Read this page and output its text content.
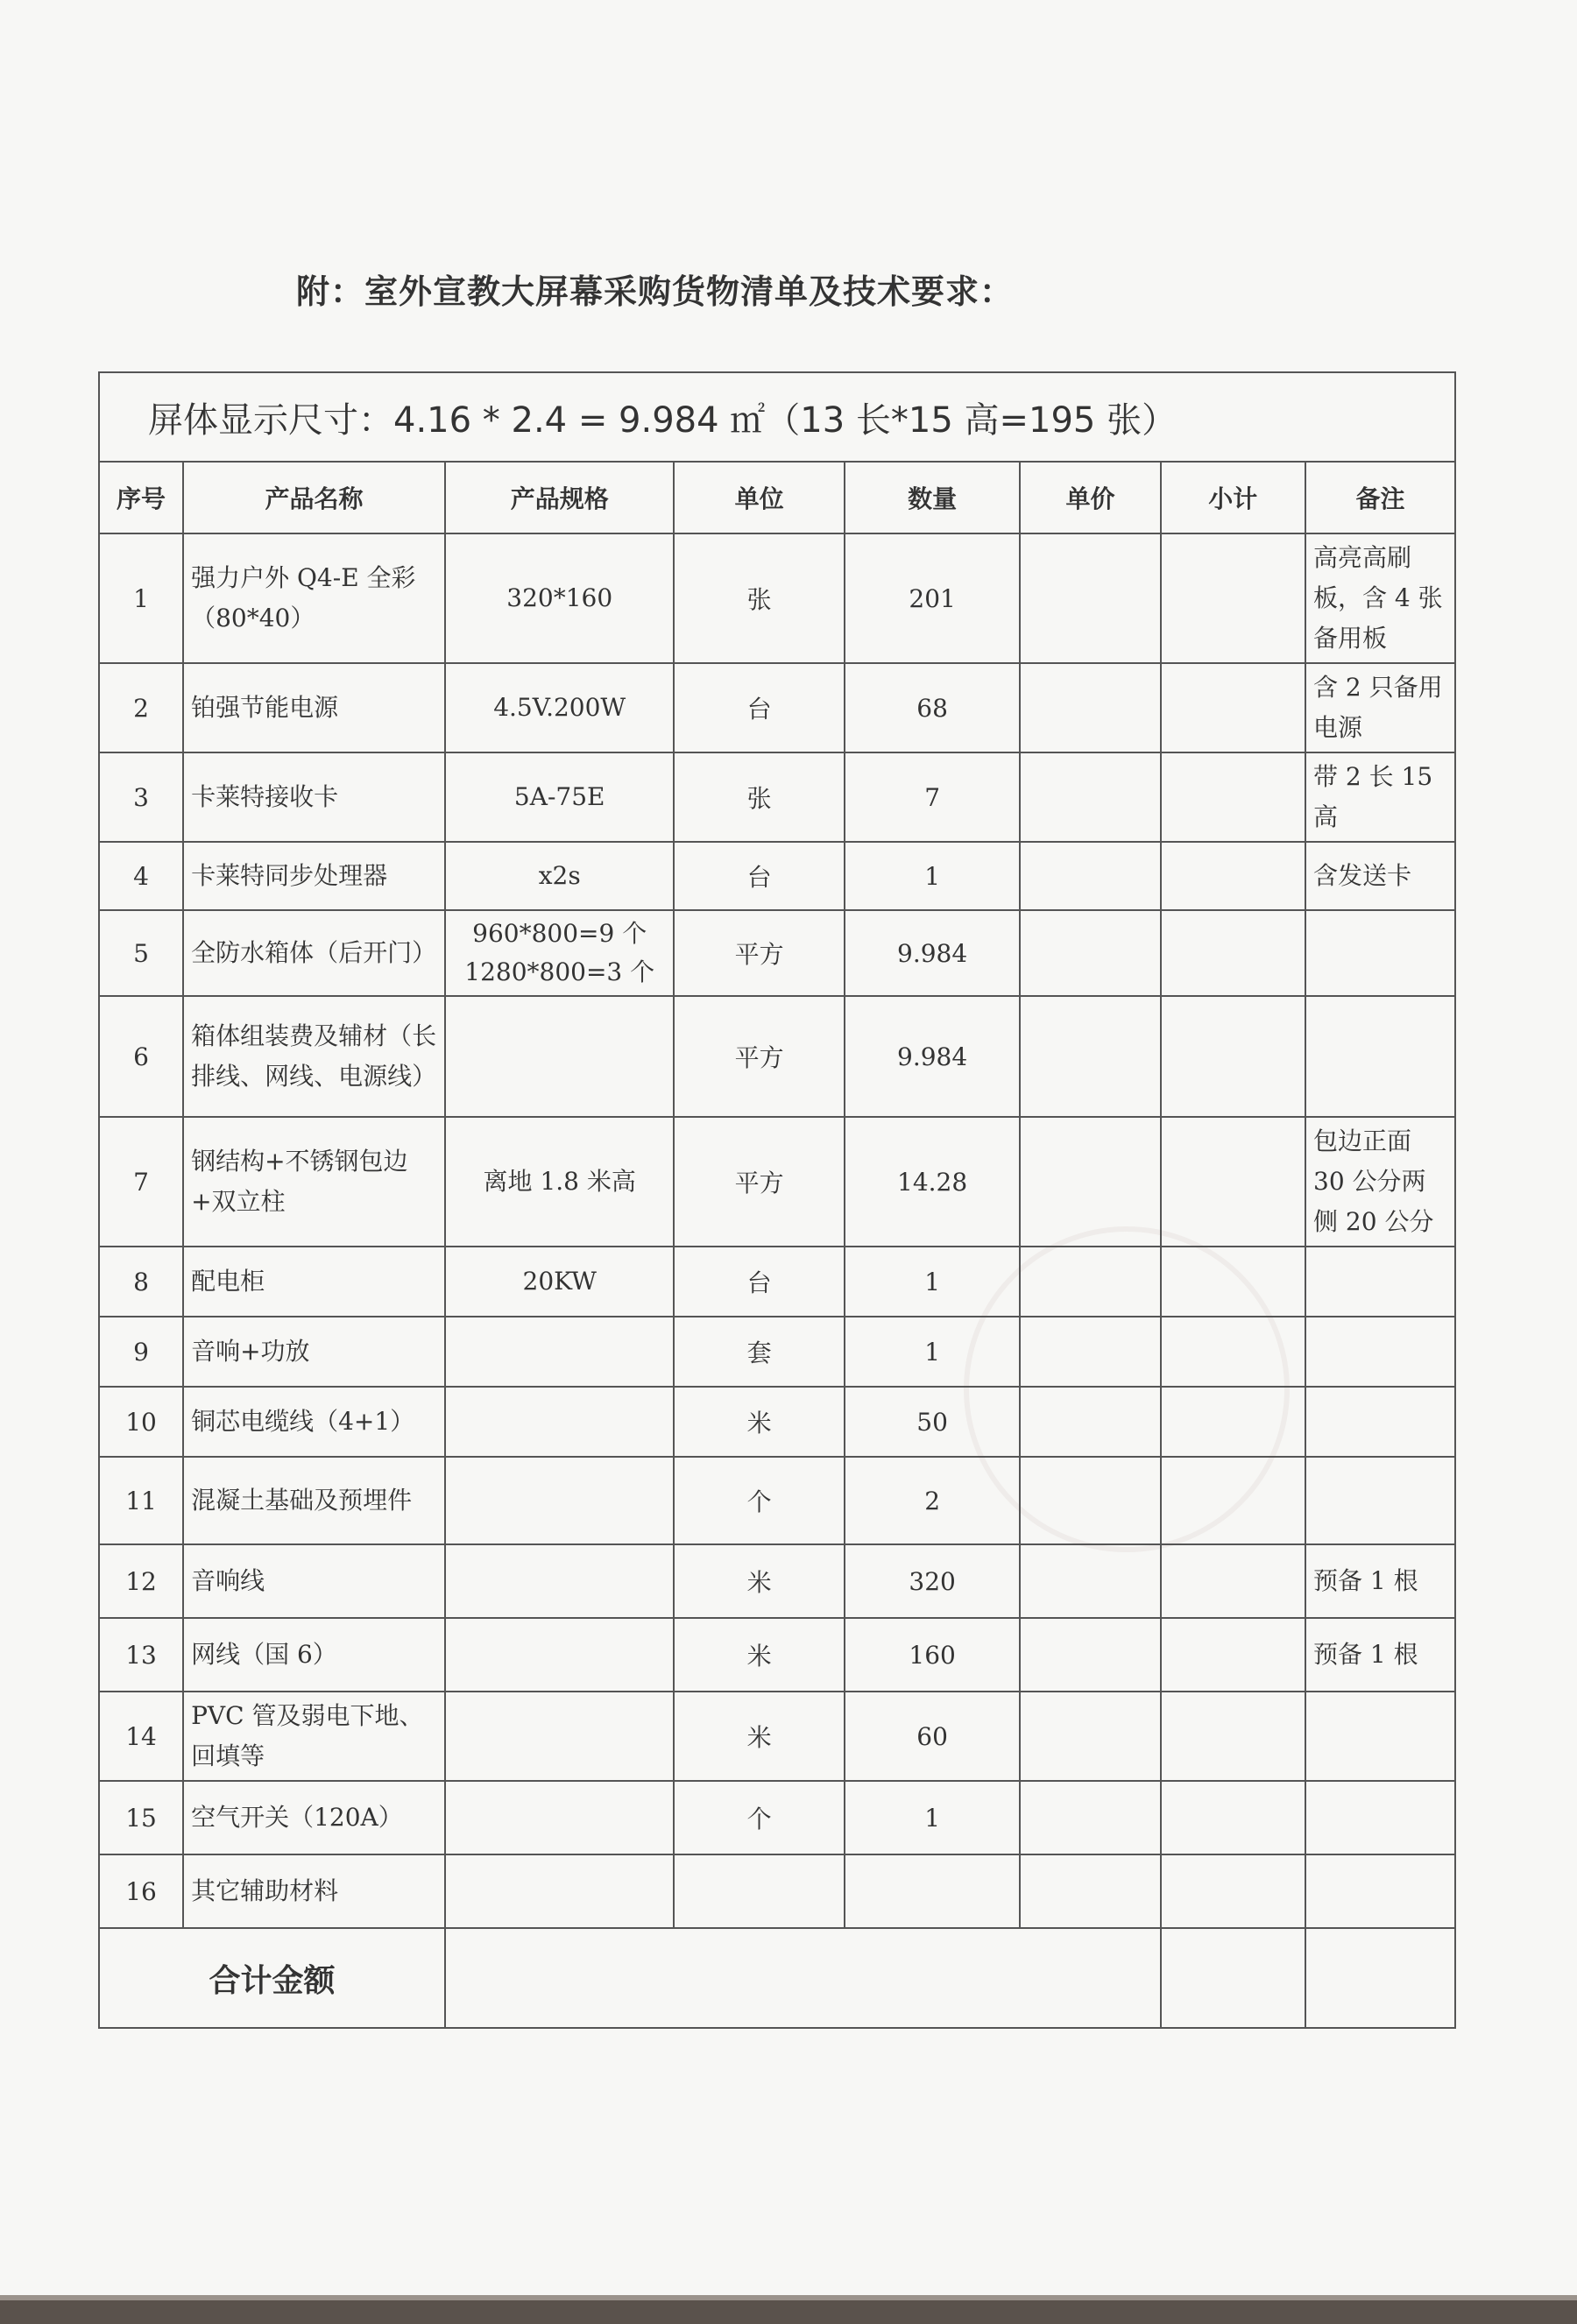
附：室外宣教大屏幕采购货物清单及技术要求：
屏体显示尺寸：4.16 * 2.4 = 9.984 ㎡（13 长*15 高=195 张）							
序号	产品名称	产品规格	单位	数量	单价	小计	备注
1	强力户外 Q4-E 全彩（80*40）	320*160	张	201			高亮高刷板，含 4 张备用板
2	铂强节能电源	4.5V.200W	台	68			含 2 只备用电源
3	卡莱特接收卡	5A-75E	张	7			带 2 长 15 高
4	卡莱特同步处理器	x2s	台	1			含发送卡
5	全防水箱体（后开门）	960*800=9 个 1280*800=3 个	平方	9.984			
6	箱体组装费及辅材（长排线、网线、电源线）		平方	9.984			
7	钢结构+不锈钢包边+双立柱	离地 1.8 米高	平方	14.28			包边正面 30 公分两侧 20 公分
8	配电柜	20KW	台	1			
9	音响+功放		套	1			
10	铜芯电缆线（4+1）		米	50			
11	混凝土基础及预埋件		个	2			
12	音响线		米	320			预备 1 根
13	网线（国 6）		米	160			预备 1 根
14	PVC 管及弱电下地、回填等		米	60			
15	空气开关（120A）		个	1			
16	其它辅助材料						
合计金额							
